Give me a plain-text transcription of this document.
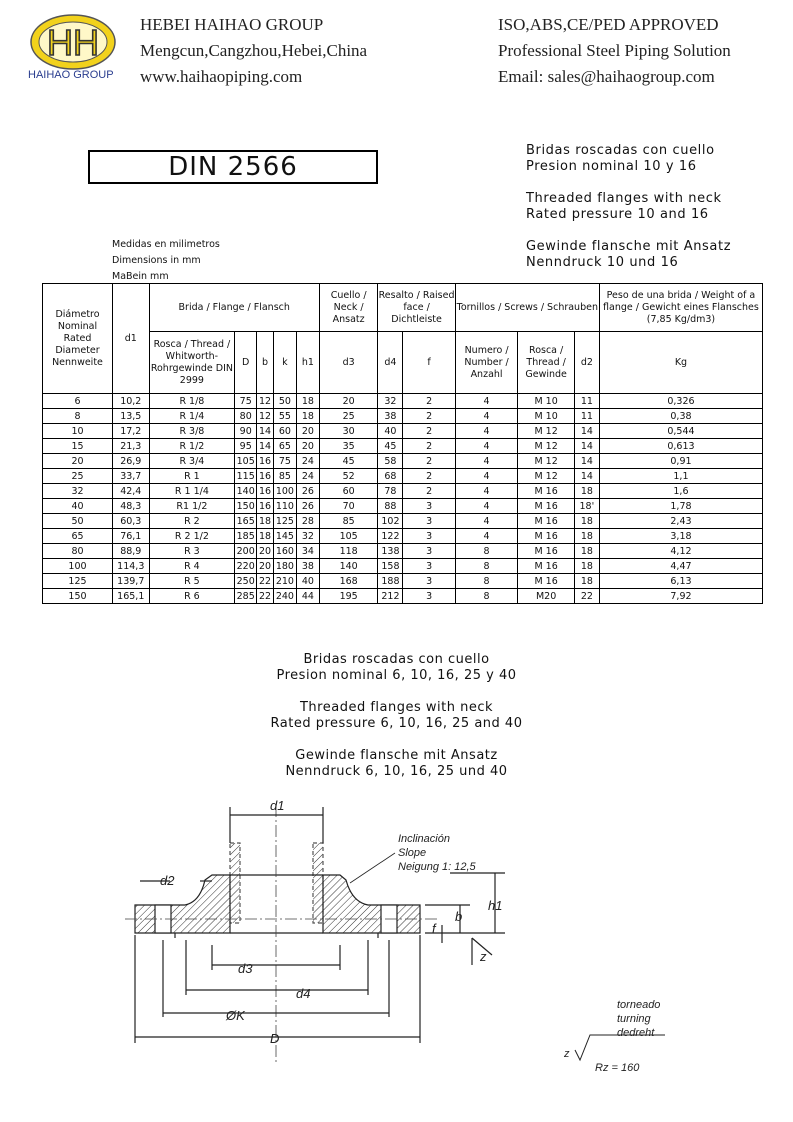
HH
HAIHAO GROUP
HEBEI HAIHAO GROUP
Mengcun,Cangzhou,Hebei,China
www.haihaopiping.com
ISO,ABS,CE/PED APPROVED
Professional Steel Piping Solution
Email: sales@haihaogroup.com
DIN 2566

Bridas roscadas con cuello
Presion nominal 10 y 16

Threaded flanges with neck
Rated pressure 10 and 16

Gewinde flansche mit Ansatz
Nenndruck 10 und 16

Medidas en milimetros
Dimensions in mm
MaBein mm
Diámetro Nominal Rated Diameter Nennweite	d1	Brida / Flange / Flansch					Cuello / Neck / Ansatz	Resalto / Raised face / Dichtleiste		Tornillos / Screws / Schrauben			Peso de una brida / Weight of a flange / Gewicht eines Flansches (7,85 Kg/dm3)
		Rosca / Thread / Whitworth-Rohrgewinde DIN 2999	D	b	k	h1	d3	d4	f	Numero / Number / Anzahl	Rosca / Thread / Gewinde	d2	Kg
6	10,2	R 1/8	75	12	50	18	20	32	2	4	M 10	11	0,326
8	13,5	R 1/4	80	12	55	18	25	38	2	4	M 10	11	0,38
10	17,2	R 3/8	90	14	60	20	30	40	2	4	M 12	14	0,544
15	21,3	R 1/2	95	14	65	20	35	45	2	4	M 12	14	0,613
20	26,9	R 3/4	105	16	75	24	45	58	2	4	M 12	14	0,91
25	33,7	R 1	115	16	85	24	52	68	2	4	M 12	14	1,1
32	42,4	R 1 1/4	140	16	100	26	60	78	2	4	M 16	18	1,6
40	48,3	R1 1/2	150	16	110	26	70	88	3	4	M 16	18'	1,78
50	60,3	R 2	165	18	125	28	85	102	3	4	M 16	18	2,43
65	76,1	R 2 1/2	185	18	145	32	105	122	3	4	M 16	18	3,18
80	88,9	R 3	200	20	160	34	118	138	3	8	M 16	18	4,12
100	114,3	R 4	220	20	180	38	140	158	3	8	M 16	18	4,47
125	139,7	R 5	250	22	210	40	168	188	3	8	M 16	18	6,13
150	165,1	R 6	285	22	240	44	195	212	3	8	M20	22	7,92

Bridas roscadas con cuello
Presion nominal 6, 10, 16, 25 y 40

Threaded flanges with neck
Rated pressure 6, 10, 16, 25 and 40

Gewinde flansche mit Ansatz
Nenndruck 6, 10, 16, 25 und 40

d1
d2
d3
d4
ØK
D
f
b
h1
z
Inclinación
Slope
Neigung 1: 12,5
torneado
turning
dedreht
z
Rz = 160
